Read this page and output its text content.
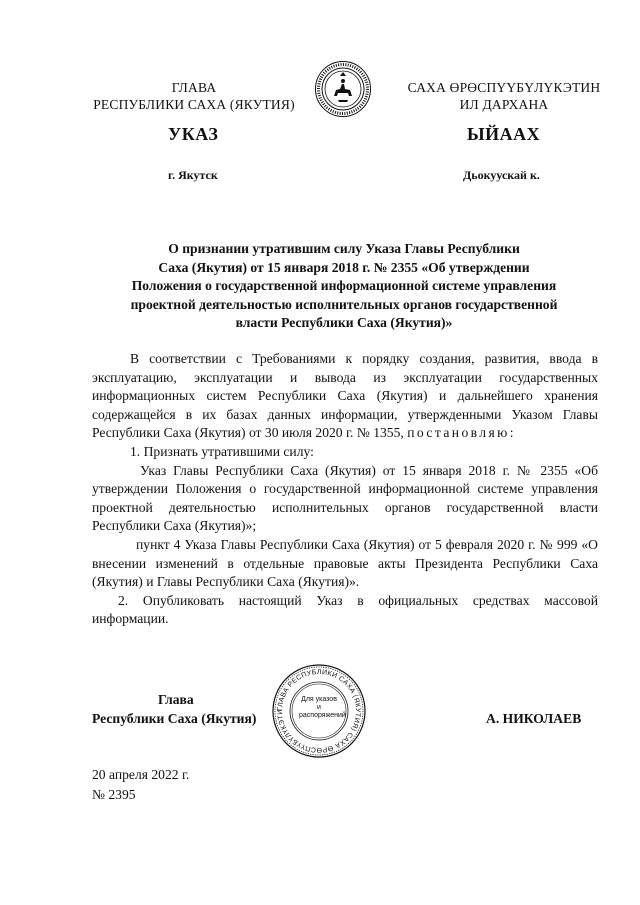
ГЛАВА
РЕСПУБЛИКИ САХА (ЯКУТИЯ)
САХА ӨРӨСПҮҮБҮЛҮКЭТИН
ИЛ ДАРХАНА
УКАЗ	ЫЙААХ
г. Якутск	Дьокуускай к.
О признании утратившим силу Указа Главы Республики
Саха (Якутия) от 15 января 2018 г. № 2355 «Об утверждении
Положения о государственной информационной системе управления
проектной деятельностью исполнительных органов государственной
власти Республики Саха (Якутия)»

В соответствии с Требованиями к порядку создания, развития, ввода в эксплуатацию, эксплуатации и вывода из эксплуатации государственных информационных систем Республики Саха (Якутия) и дальнейшего хранения содержащейся в их базах данных информации, утвержденными Указом Главы Республики Саха (Якутия) от 30 июля 2020 г. № 1355, постановляю:

1. Признать утратившими силу:

Указ Главы Республики Саха (Якутия) от 15 января 2018 г. № 2355 «Об утверждении Положения о государственной информационной системе управления проектной деятельностью исполнительных органов государственной власти Республики Саха (Якутия)»;

пункт 4 Указа Главы Республики Саха (Якутия) от 5 февраля 2020 г. № 999 «О внесении изменений в отдельные правовые акты Президента Республики Саха (Якутия) и Главы Республики Саха (Якутия)».

2. Опубликовать настоящий Указ в официальных средствах массовой информации.

Глава
Республики Саха (Якутия)	А. НИКОЛАЕВ
ГЛАВА РЕСПУБЛИКИ САХА (ЯКУТИЯ) САХА ӨРӨСПҮҮБҮЛҮКЭТИ
Для указов и распоряжений
20 апреля 2022 г.
№ 2395
